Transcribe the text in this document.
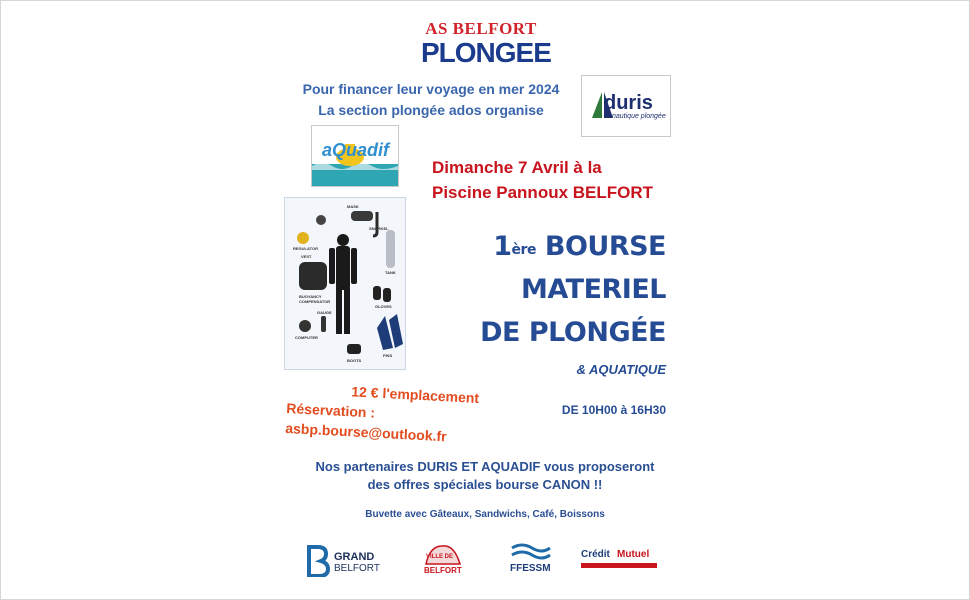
AS BELFORT
PLONGEE
Pour financer leur voyage en mer 2024
La section plongée ados organise	duris
nautique plongée
aQuadif
Dimanche 7 Avril à la
Piscine Pannoux BELFORT
MASK
SNORKEL
REGULATOR
TANK
VEST
BUOYANCY COMPENSATOR
GLOVES
GAUGE
COMPUTER
FINS
BOOTS
1ère BOURSE
MATERIEL
DE PLONGÉE
& AQUATIQUE
12 € l'emplacement
Réservation : asbp.bourse@outlook.fr
DE 10H00 à 16H30
Nos partenaires DURIS ET AQUADIF vous proposeront
des offres spéciales bourse CANON !!
Buvette avec Gâteaux, Sandwichs, Café, Boissons
GRAND
BELFORT
VILLE DE
BELFORT	FFESSM
Crédit Mutuel
